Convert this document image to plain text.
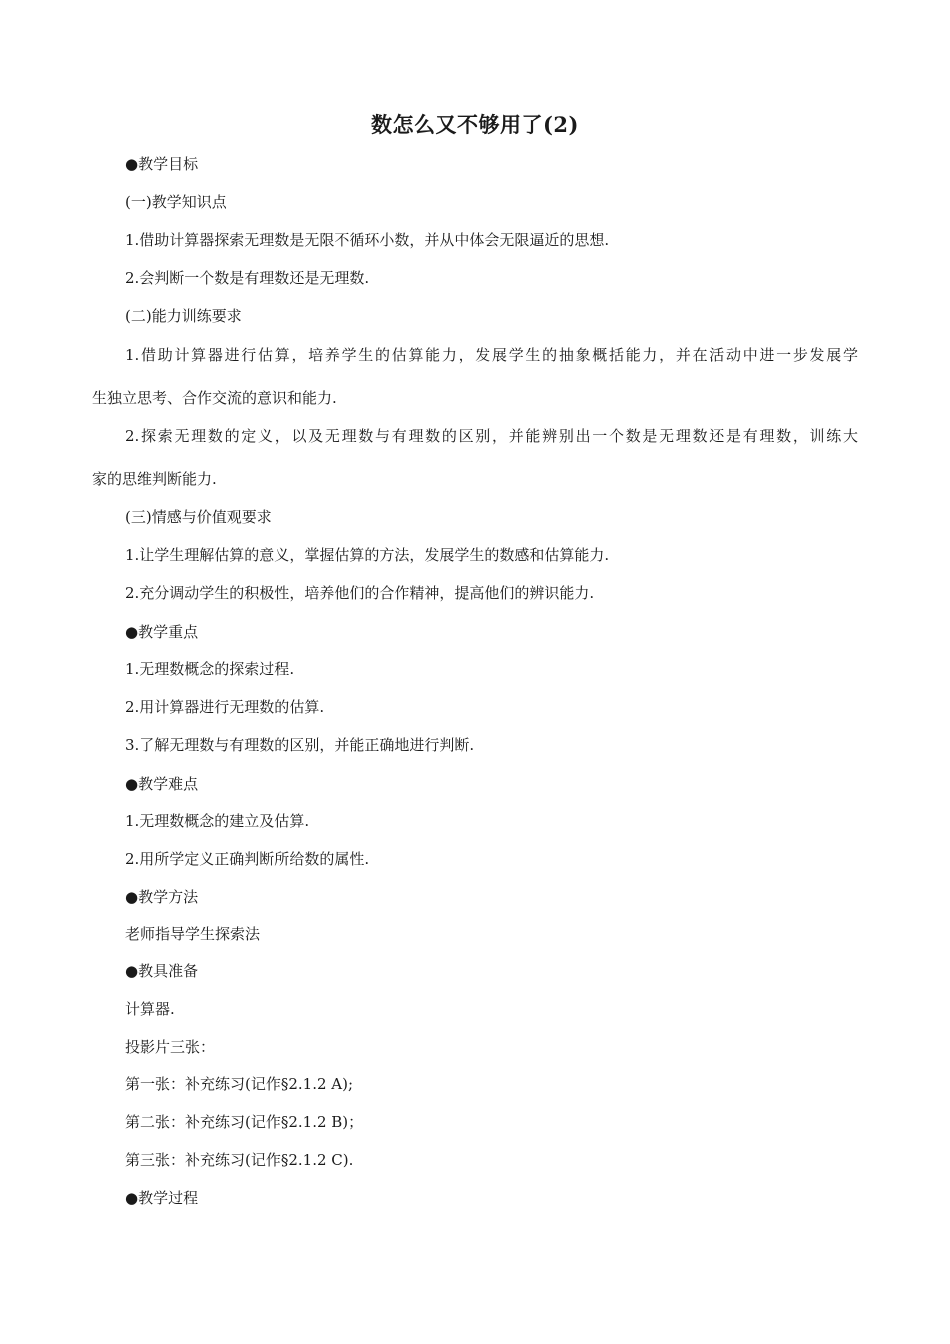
数怎么又不够用了(2)
●教学目标
(一)教学知识点
1.借助计算器探索无理数是无限不循环小数，并从中体会无限逼近的思想.
2.会判断一个数是有理数还是无理数.
(二)能力训练要求
1.借助计算器进行估算，培养学生的估算能力，发展学生的抽象概括能力，并在活动中进一步发展学
生独立思考、合作交流的意识和能力.
2.探索无理数的定义，以及无理数与有理数的区别，并能辨别出一个数是无理数还是有理数，训练大
家的思维判断能力.
(三)情感与价值观要求
1.让学生理解估算的意义，掌握估算的方法，发展学生的数感和估算能力.
2.充分调动学生的积极性，培养他们的合作精神，提高他们的辨识能力.
●教学重点
1.无理数概念的探索过程.
2.用计算器进行无理数的估算.
3.了解无理数与有理数的区别，并能正确地进行判断.
●教学难点
1.无理数概念的建立及估算.
2.用所学定义正确判断所给数的属性.
●教学方法
老师指导学生探索法
●教具准备
计算器.
投影片三张：
第一张：补充练习(记作§2.1.2 A);
第二张：补充练习(记作§2.1.2 B)；
第三张：补充练习(记作§2.1.2 C).
●教学过程
